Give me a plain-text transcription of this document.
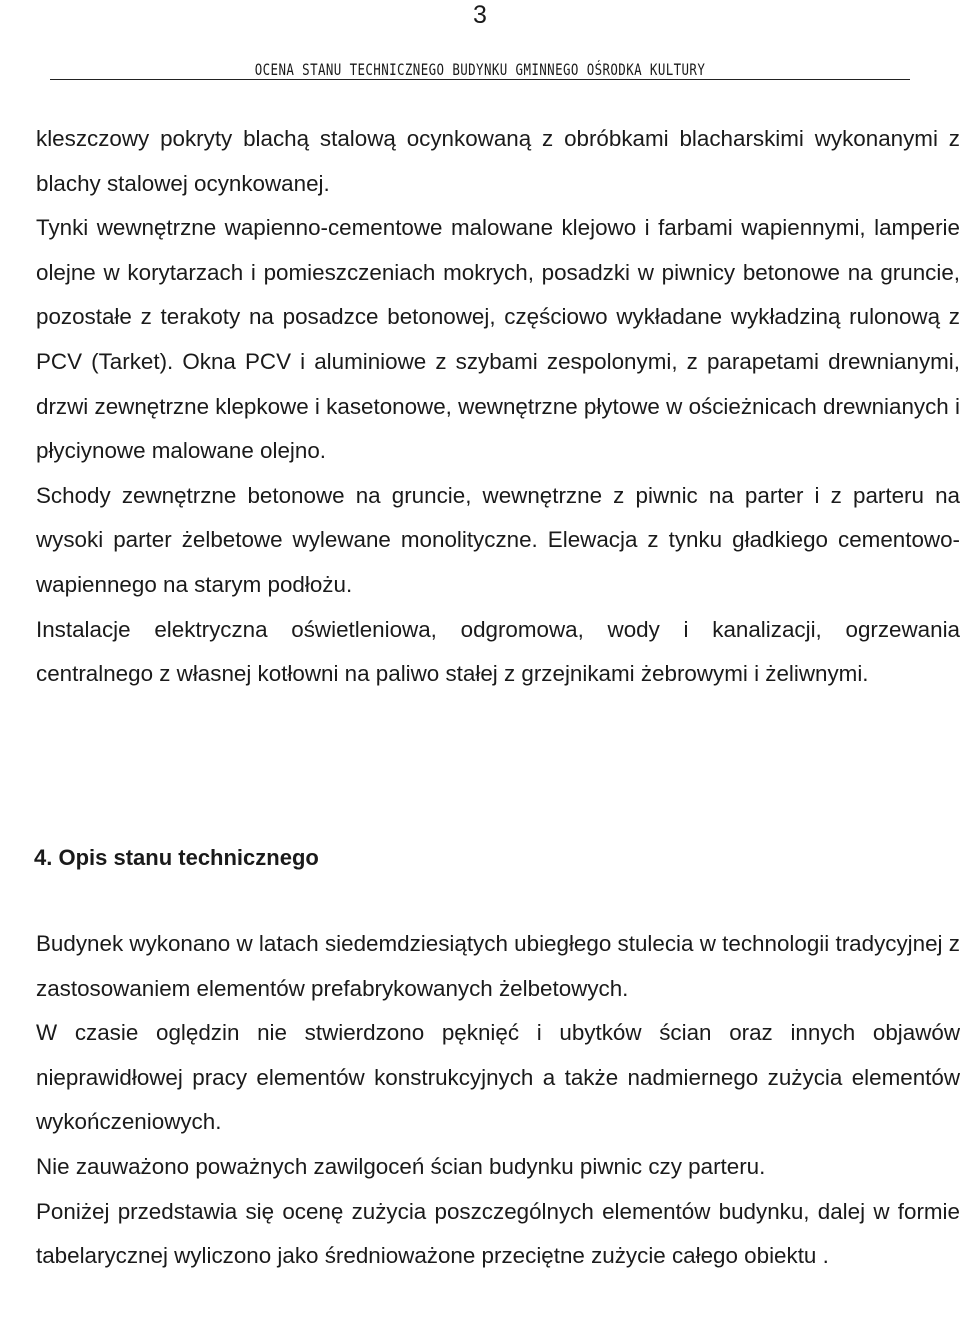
3
OCENA STANU TECHNICZNEGO BUDYNKU GMINNEGO OŚRODKA KULTURY

kleszczowy pokryty blachą stalową ocynkowaną z obróbkami blacharskimi wykonanymi z blachy stalowej ocynkowanej.

Tynki wewnętrzne wapienno-cementowe malowane klejowo i farbami wapiennymi, lamperie olejne w korytarzach i pomieszczeniach mokrych, posadzki w piwnicy betonowe na gruncie, pozostałe z terakoty na posadzce betonowej, częściowo wykładane wykładziną rulonową z PCV (Tarket). Okna PCV i aluminiowe z szybami zespolonymi, z parapetami drewnianymi, drzwi zewnętrzne klepkowe i kasetonowe, wewnętrzne płytowe w ościeżnicach drewnianych i płyciynowe malowane olejno.

Schody zewnętrzne betonowe na gruncie, wewnętrzne z piwnic na parter i z parteru na wysoki parter żelbetowe wylewane monolityczne. Elewacja z tynku gładkiego cementowo-wapiennego na starym podłożu.

Instalacje elektryczna oświetleniowa, odgromowa, wody i kanalizacji, ogrzewania centralnego z własnej kotłowni na paliwo stałej z grzejnikami żebrowymi i żeliwnymi.

4. Opis stanu technicznego

Budynek wykonano w latach siedemdziesiątych ubiegłego stulecia w technologii tradycyjnej z zastosowaniem elementów prefabrykowanych żelbetowych.

W czasie oględzin nie stwierdzono pęknięć i ubytków ścian oraz innych objawów nieprawidłowej pracy elementów konstrukcyjnych a także nadmiernego zużycia elementów wykończeniowych.

Nie zauważono poważnych zawilgoceń ścian budynku piwnic czy parteru.

Poniżej przedstawia się ocenę zużycia poszczególnych elementów budynku, dalej w formie tabelarycznej wyliczono jako średnioważone przeciętne zużycie całego obiektu .
